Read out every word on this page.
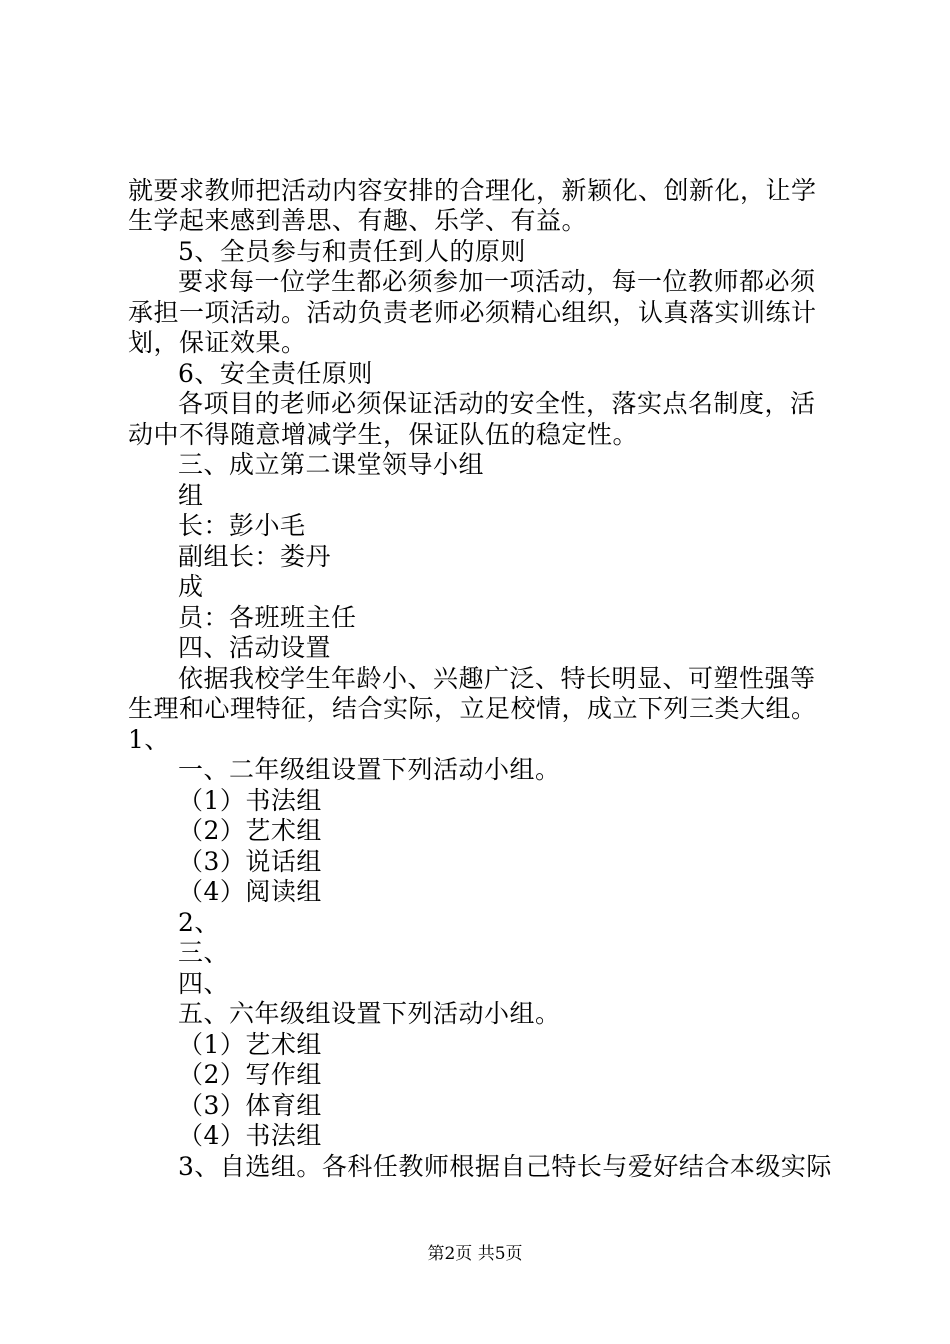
就要求教师把活动内容安排的合理化，新颖化、创新化，让学
生学起来感到善思、有趣、乐学、有益。
5、全员参与和责任到人的原则
要求每一位学生都必须参加一项活动，每一位教师都必须
承担一项活动。活动负责老师必须精心组织，认真落实训练计
划，保证效果。
6、安全责任原则
各项目的老师必须保证活动的安全性，落实点名制度，活
动中不得随意增减学生，保证队伍的稳定性。
三、成立第二课堂领导小组
组
长：彭小毛
副组长：娄丹
成
员：各班班主任
四、活动设置
依据我校学生年龄小、兴趣广泛、特长明显、可塑性强等
生理和心理特征，结合实际，立足校情，成立下列三类大组。
1、
一、二年级组设置下列活动小组。
（1）书法组
（2）艺术组
（3）说话组
（4）阅读组
2、
三、
四、
五、六年级组设置下列活动小组。
（1）艺术组
（2）写作组
（3）体育组
（4）书法组
3、自选组。各科任教师根据自己特长与爱好结合本级实际
第2页 共5页
